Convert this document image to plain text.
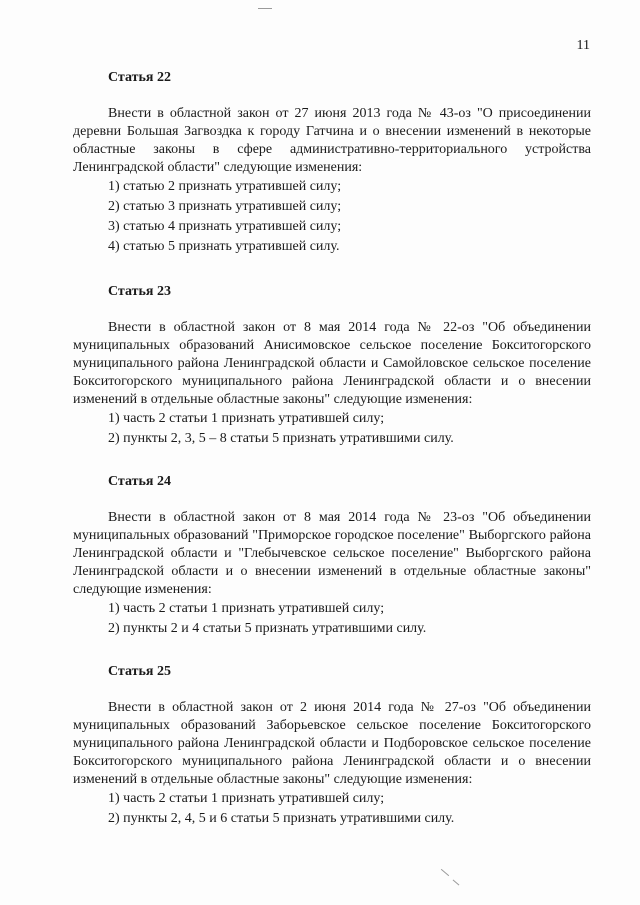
11
Статья 22

Внести в областной закон от 27 июня 2013 года № 43-оз "О присоединении деревни Большая Загвоздка к городу Гатчина и о внесении изменений в некоторые областные законы в сфере административно-территориального устройства Ленинградской области" следующие изменения:

1) статью 2 признать утратившей силу;
2) статью 3 признать утратившей силу;
3) статью 4 признать утратившей силу;
4) статью 5 признать утратившей силу.
Статья 23

Внести в областной закон от 8 мая 2014 года № 22-оз "Об объединении муниципальных образований Анисимовское сельское поселение Бокситогорского муниципального района Ленинградской области и Самойловское сельское поселение Бокситогорского муниципального района Ленинградской области и о внесении изменений в отдельные областные законы" следующие изменения:

1) часть 2 статьи 1 признать утратившей силу;
2) пункты 2, 3, 5 – 8 статьи 5 признать утратившими силу.
Статья 24

Внести в областной закон от 8 мая 2014 года № 23-оз "Об объединении муниципальных образований "Приморское городское поселение" Выборгского района Ленинградской области и "Глебычевское сельское поселение" Выборгского района Ленинградской области и о внесении изменений в отдельные областные законы" следующие изменения:

1) часть 2 статьи 1 признать утратившей силу;
2) пункты 2 и 4 статьи 5 признать утратившими силу.
Статья 25

Внести в областной закон от 2 июня 2014 года № 27-оз "Об объединении муниципальных образований Заборьевское сельское поселение Бокситогорского муниципального района Ленинградской области и Подборовское сельское поселение Бокситогорского муниципального района Ленинградской области и о внесении изменений в отдельные областные законы" следующие изменения:

1) часть 2 статьи 1 признать утратившей силу;
2) пункты 2, 4, 5 и 6 статьи 5 признать утратившими силу.
